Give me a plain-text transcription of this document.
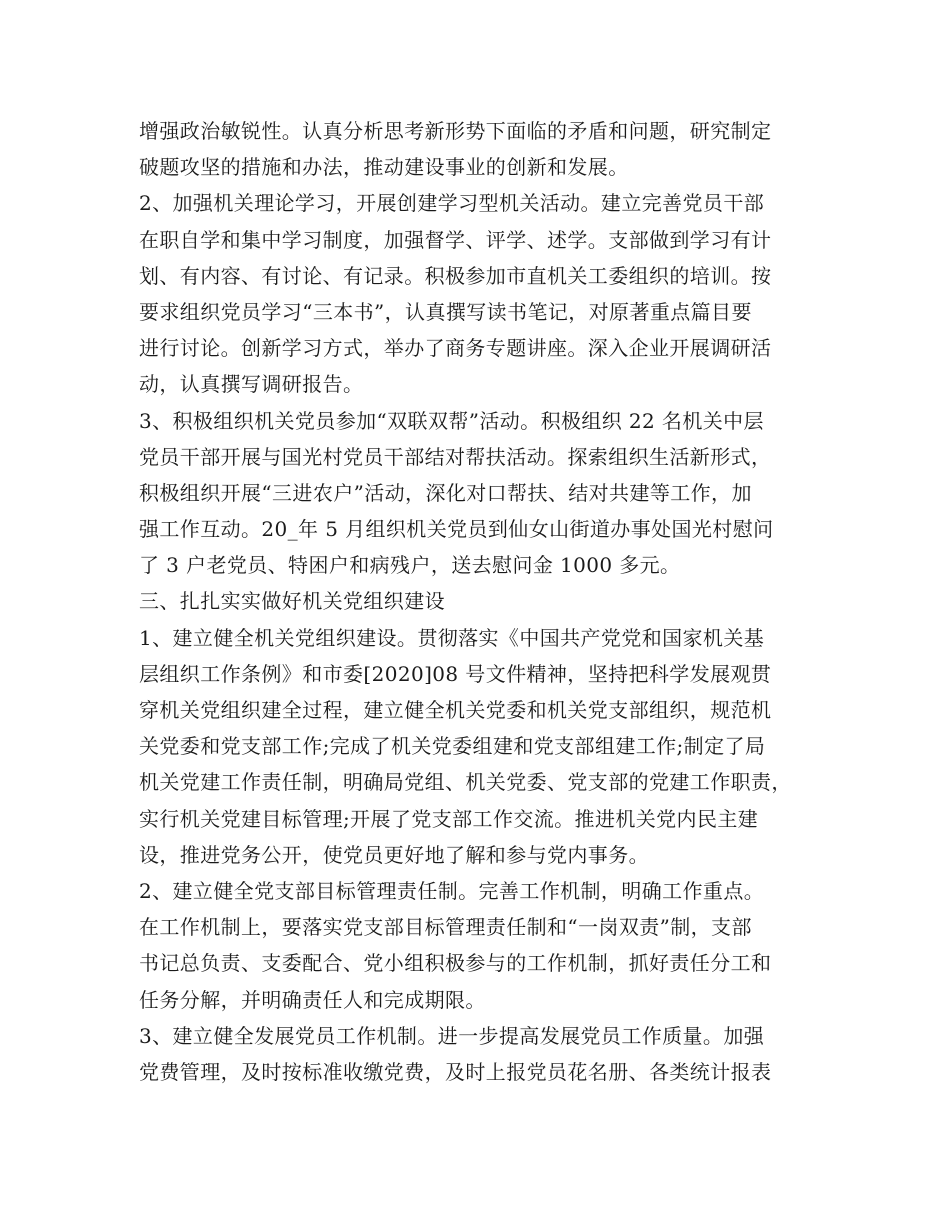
增强政治敏锐性。认真分析思考新形势下面临的矛盾和问题，研究制定
破题攻坚的措施和办法，推动建设事业的创新和发展。
2、加强机关理论学习，开展创建学习型机关活动。建立完善党员干部
在职自学和集中学习制度，加强督学、评学、述学。支部做到学习有计
划、有内容、有讨论、有记录。积极参加市直机关工委组织的培训。按
要求组织党员学习“三本书”，认真撰写读书笔记，对原著重点篇目要
进行讨论。创新学习方式，举办了商务专题讲座。深入企业开展调研活
动，认真撰写调研报告。
3、积极组织机关党员参加“双联双帮”活动。积极组织 22 名机关中层
党员干部开展与国光村党员干部结对帮扶活动。探索组织生活新形式，
积极组织开展“三进农户”活动，深化对口帮扶、结对共建等工作，加
强工作互动。20_年 5 月组织机关党员到仙女山街道办事处国光村慰问
了 3 户老党员、特困户和病残户，送去慰问金 1000 多元。
三、扎扎实实做好机关党组织建设
1、建立健全机关党组织建设。贯彻落实《中国共产党党和国家机关基
层组织工作条例》和市委[2020]08 号文件精神，坚持把科学发展观贯
穿机关党组织建全过程，建立健全机关党委和机关党支部组织，规范机
关党委和党支部工作;完成了机关党委组建和党支部组建工作;制定了局
机关党建工作责任制，明确局党组、机关党委、党支部的党建工作职责，
实行机关党建目标管理;开展了党支部工作交流。推进机关党内民主建
设，推进党务公开，使党员更好地了解和参与党内事务。
2、建立健全党支部目标管理责任制。完善工作机制，明确工作重点。
在工作机制上，要落实党支部目标管理责任制和“一岗双责”制，支部
书记总负责、支委配合、党小组积极参与的工作机制，抓好责任分工和
任务分解，并明确责任人和完成期限。
3、建立健全发展党员工作机制。进一步提高发展党员工作质量。加强
党费管理，及时按标准收缴党费，及时上报党员花名册、各类统计报表
